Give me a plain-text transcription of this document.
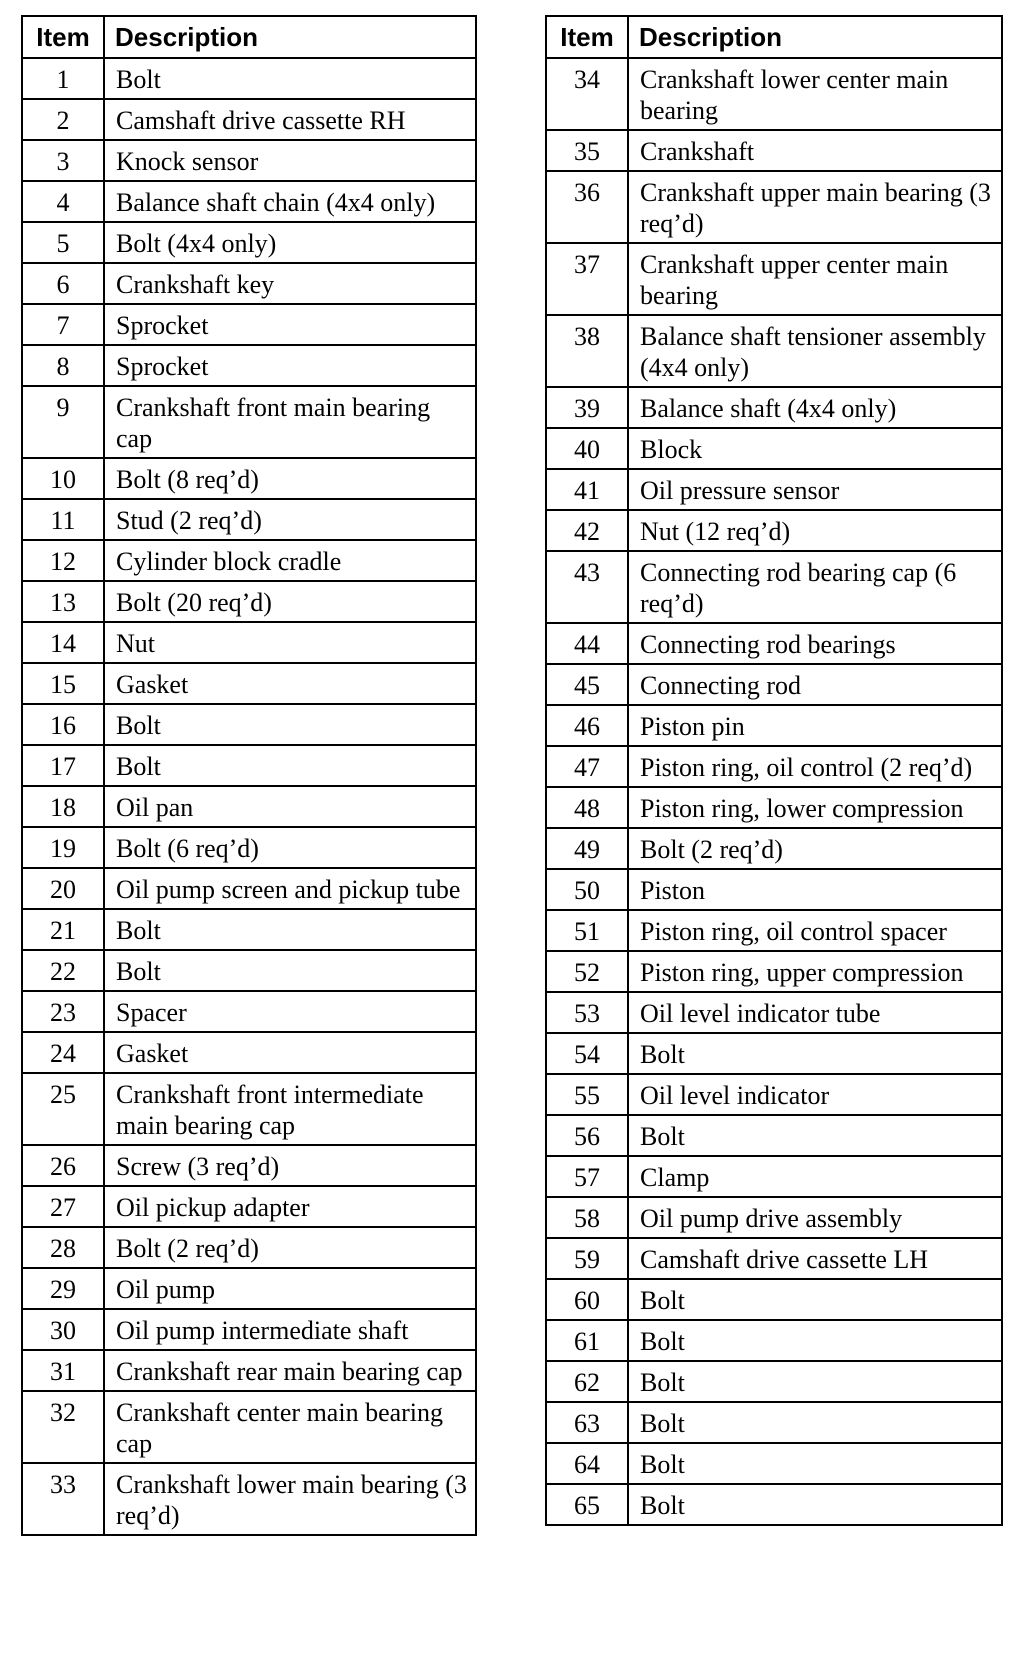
Item	Description
1	Bolt
2	Camshaft drive cassette RH
3	Knock sensor
4	Balance shaft chain (4x4 only)
5	Bolt (4x4 only)
6	Crankshaft key
7	Sprocket
8	Sprocket
9	Crankshaft front main bearing cap
10	Bolt (8 req’d)
11	Stud (2 req’d)
12	Cylinder block cradle
13	Bolt (20 req’d)
14	Nut
15	Gasket
16	Bolt
17	Bolt
18	Oil pan
19	Bolt (6 req’d)
20	Oil pump screen and pickup tube
21	Bolt
22	Bolt
23	Spacer
24	Gasket
25	Crankshaft front intermediate main bearing cap
26	Screw (3 req’d)
27	Oil pickup adapter
28	Bolt (2 req’d)
29	Oil pump
30	Oil pump intermediate shaft
31	Crankshaft rear main bearing cap
32	Crankshaft center main bearing cap
33	Crankshaft lower main bearing (3 req’d)
Item	Description
34	Crankshaft lower center main bearing
35	Crankshaft
36	Crankshaft upper main bearing (3 req’d)
37	Crankshaft upper center main bearing
38	Balance shaft tensioner assembly (4x4 only)
39	Balance shaft (4x4 only)
40	Block
41	Oil pressure sensor
42	Nut (12 req’d)
43	Connecting rod bearing cap (6 req’d)
44	Connecting rod bearings
45	Connecting rod
46	Piston pin
47	Piston ring, oil control (2 req’d)
48	Piston ring, lower compression
49	Bolt (2 req’d)
50	Piston
51	Piston ring, oil control spacer
52	Piston ring, upper compression
53	Oil level indicator tube
54	Bolt
55	Oil level indicator
56	Bolt
57	Clamp
58	Oil pump drive assembly
59	Camshaft drive cassette LH
60	Bolt
61	Bolt
62	Bolt
63	Bolt
64	Bolt
65	Bolt
